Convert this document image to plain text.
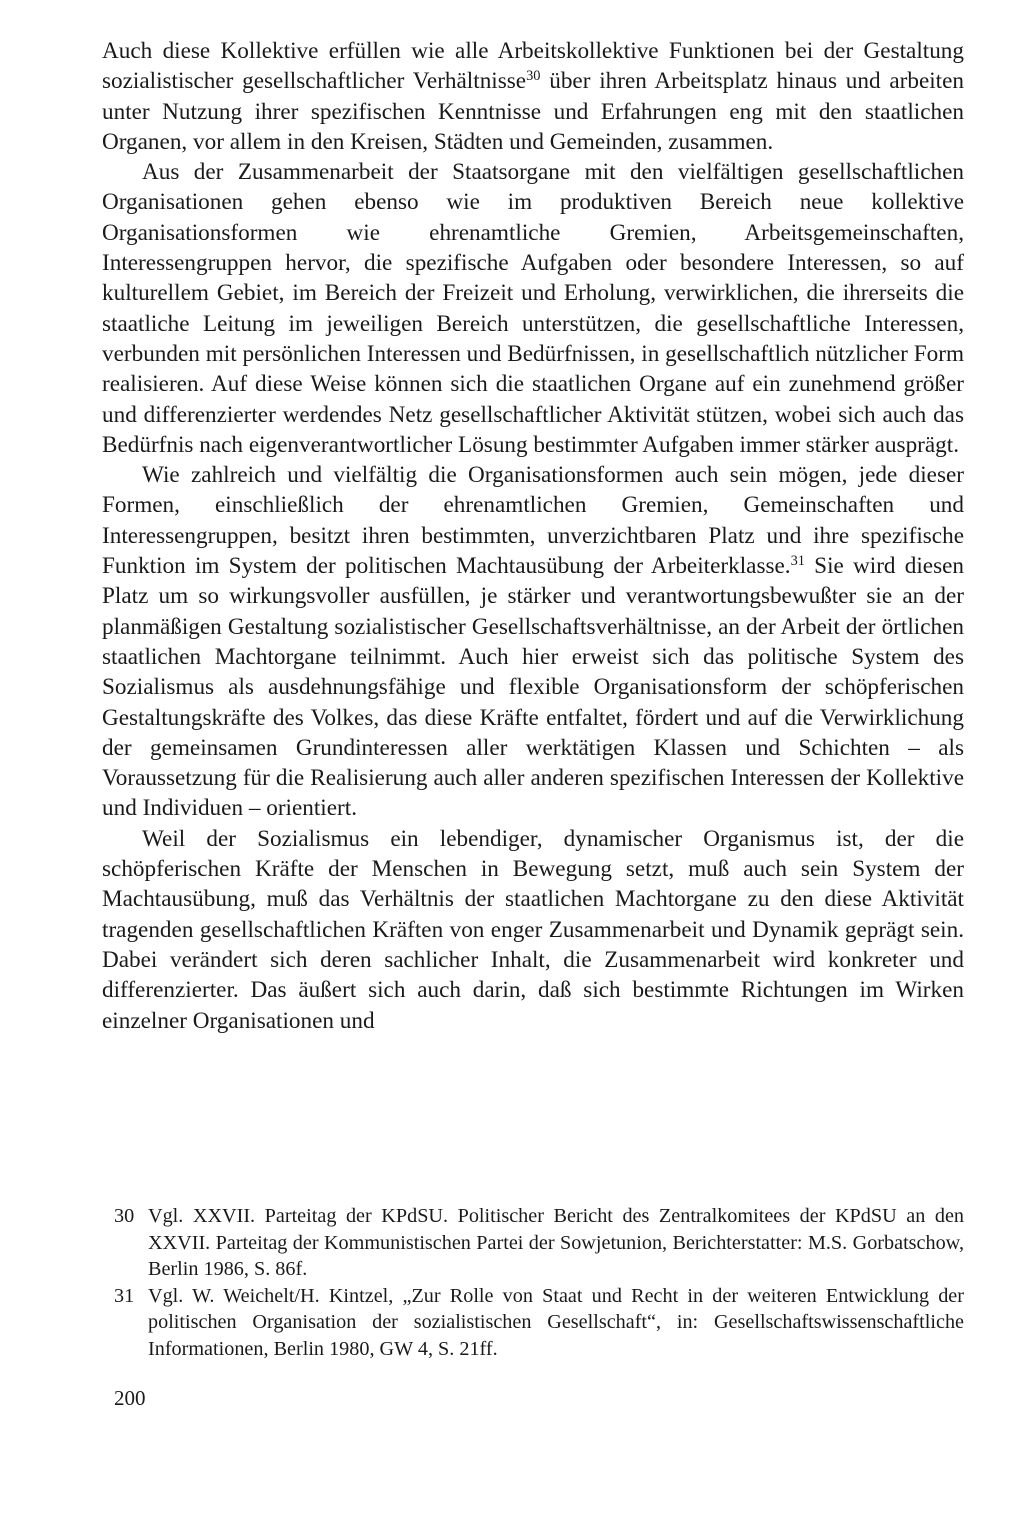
Auch diese Kollektive erfüllen wie alle Arbeitskollektive Funktionen bei der Gestaltung sozialistischer gesellschaftlicher Verhältnisse$^{30}$ über ihren Arbeitsplatz hinaus und arbeiten unter Nutzung ihrer spezifischen Kenntnisse und Erfahrungen eng mit den staatlichen Organen, vor allem in den Kreisen, Städten und Gemeinden, zusammen.

Aus der Zusammenarbeit der Staatsorgane mit den vielfältigen gesellschaftlichen Organisationen gehen ebenso wie im produktiven Bereich neue kollektive Organisationsformen wie ehrenamtliche Gremien, Arbeitsgemeinschaften, Interessengruppen hervor, die spezifische Aufgaben oder besondere Interessen, so auf kulturellem Gebiet, im Bereich der Freizeit und Erholung, verwirklichen, die ihrerseits die staatliche Leitung im jeweiligen Bereich unterstützen, die gesellschaftliche Interessen, verbunden mit persönlichen Interessen und Bedürfnissen, in gesellschaftlich nützlicher Form realisieren. Auf diese Weise können sich die staatlichen Organe auf ein zunehmend größer und differenzierter werdendes Netz gesellschaftlicher Aktivität stützen, wobei sich auch das Bedürfnis nach eigenverantwortlicher Lösung bestimmter Aufgaben immer stärker ausprägt.

Wie zahlreich und vielfältig die Organisationsformen auch sein mögen, jede dieser Formen, einschließlich der ehrenamtlichen Gremien, Gemeinschaften und Interessengruppen, besitzt ihren bestimmten, unverzichtbaren Platz und ihre spezifische Funktion im System der politischen Machtausübung der Arbeiterklasse.$^{31}$ Sie wird diesen Platz um so wirkungsvoller ausfüllen, je stärker und verantwortungsbewußter sie an der planmäßigen Gestaltung sozialistischer Gesellschaftsverhältnisse, an der Arbeit der örtlichen staatlichen Machtorgane teilnimmt. Auch hier erweist sich das politische System des Sozialismus als ausdehnungsfähige und flexible Organisationsform der schöpferischen Gestaltungskräfte des Volkes, das diese Kräfte entfaltet, fördert und auf die Verwirklichung der gemeinsamen Grundinteressen aller werktätigen Klassen und Schichten – als Voraussetzung für die Realisierung auch aller anderen spezifischen Interessen der Kollektive und Individuen – orientiert.

Weil der Sozialismus ein lebendiger, dynamischer Organismus ist, der die schöpferischen Kräfte der Menschen in Bewegung setzt, muß auch sein System der Machtausübung, muß das Verhältnis der staatlichen Machtorgane zu den diese Aktivität tragenden gesellschaftlichen Kräften von enger Zusammenarbeit und Dynamik geprägt sein. Dabei verändert sich deren sachlicher Inhalt, die Zusammenarbeit wird konkreter und differenzierter. Das äußert sich auch darin, daß sich bestimmte Richtungen im Wirken einzelner Organisationen und

30 Vgl. XXVII. Parteitag der KPdSU. Politischer Bericht des Zentralkomitees der KPdSU an den XXVII. Parteitag der Kommunistischen Partei der Sowjetunion, Berichterstatter: M.S. Gorbatschow, Berlin 1986, S. 86f.
31 Vgl. W. Weichelt/H. Kintzel, „Zur Rolle von Staat und Recht in der weiteren Entwicklung der politischen Organisation der sozialistischen Gesellschaft“, in: Gesellschaftswissenschaftliche Informationen, Berlin 1980, GW 4, S. 21ff.
200
